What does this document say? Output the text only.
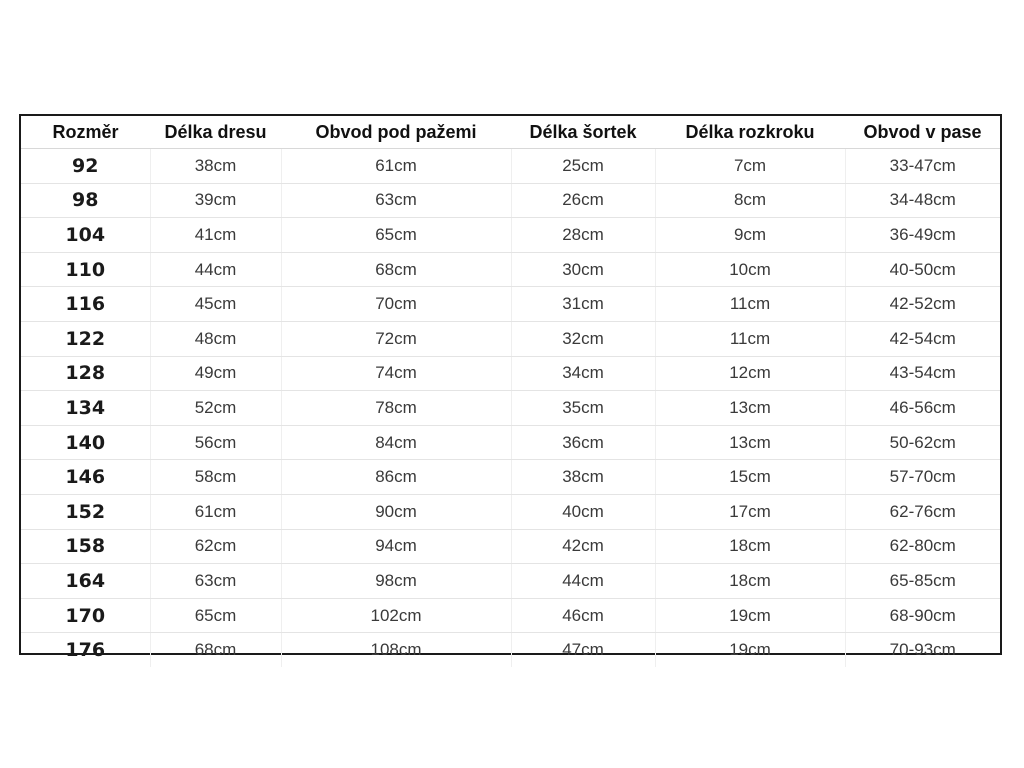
Rozměr	Délka dresu	Obvod pod pažemi	Délka šortek	Délka rozkroku	Obvod v pase
92	38cm	61cm	25cm	7cm	33-47cm
98	39cm	63cm	26cm	8cm	34-48cm
104	41cm	65cm	28cm	9cm	36-49cm
110	44cm	68cm	30cm	10cm	40-50cm
116	45cm	70cm	31cm	11cm	42-52cm
122	48cm	72cm	32cm	11cm	42-54cm
128	49cm	74cm	34cm	12cm	43-54cm
134	52cm	78cm	35cm	13cm	46-56cm
140	56cm	84cm	36cm	13cm	50-62cm
146	58cm	86cm	38cm	15cm	57-70cm
152	61cm	90cm	40cm	17cm	62-76cm
158	62cm	94cm	42cm	18cm	62-80cm
164	63cm	98cm	44cm	18cm	65-85cm
170	65cm	102cm	46cm	19cm	68-90cm
176	68cm	108cm	47cm	19cm	70-93cm
